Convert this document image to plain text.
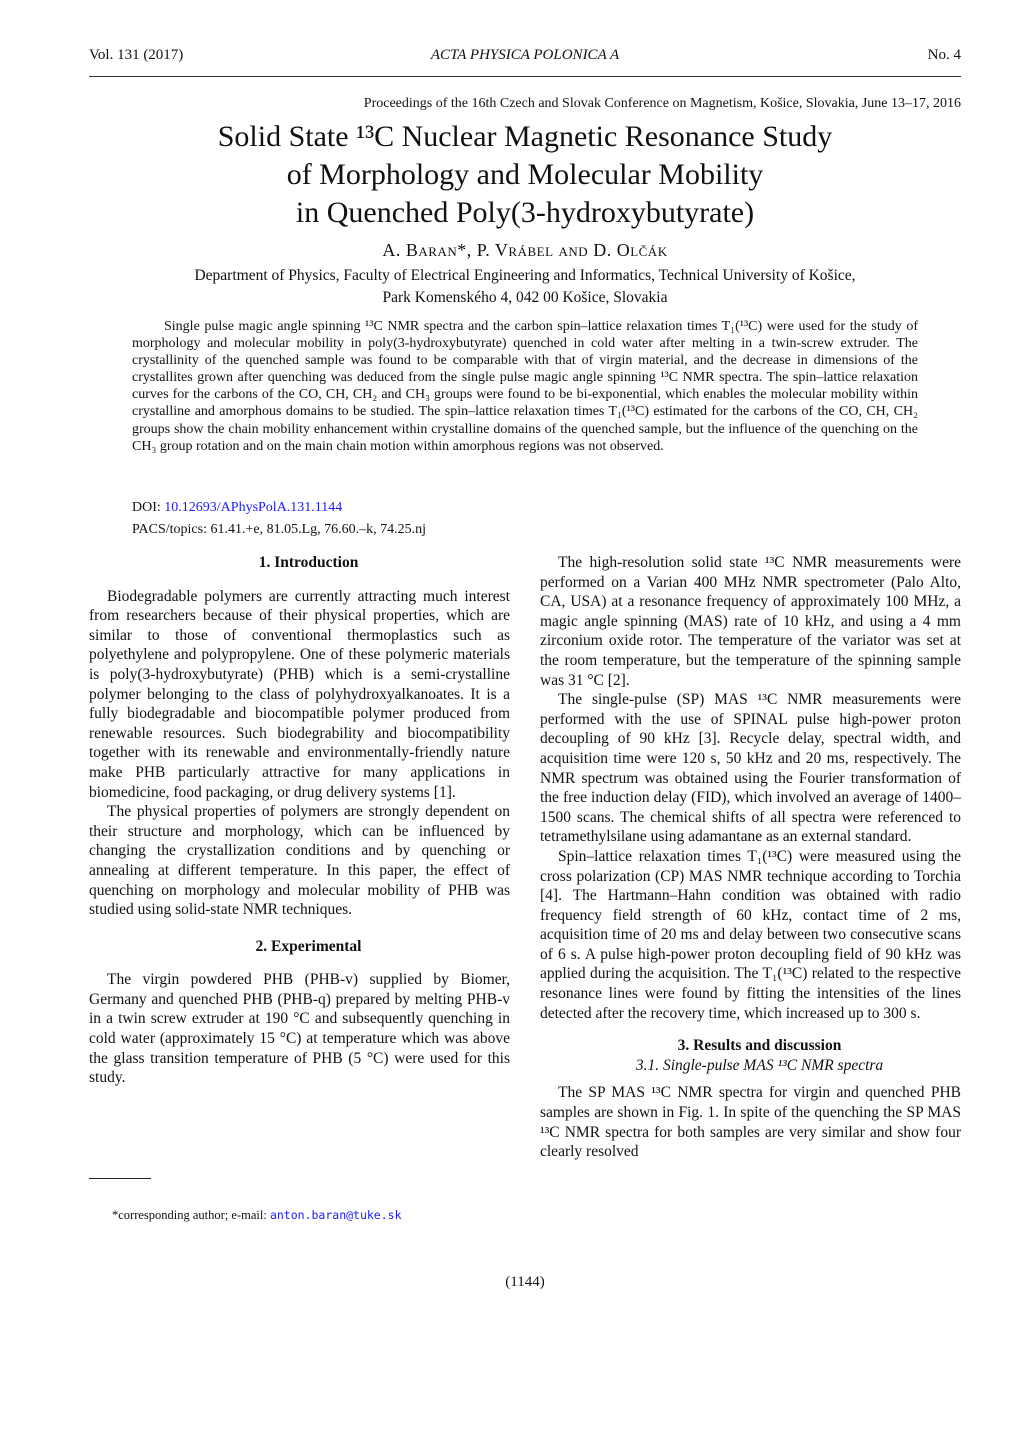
Vol. 131 (2017)	ACTA PHYSICA POLONICA A	No. 4
Proceedings of the 16th Czech and Slovak Conference on Magnetism, Košice, Slovakia, June 13–17, 2016
Solid State ¹³C Nuclear Magnetic Resonance Study
of Morphology and Molecular Mobility
in Quenched Poly(3-hydroxybutyrate)
A. Baran*, P. Vrábel and D. Olčák
Department of Physics, Faculty of Electrical Engineering and Informatics, Technical University of Košice,
Park Komenského 4, 042 00 Košice, Slovakia
Single pulse magic angle spinning ¹³C NMR spectra and the carbon spin–lattice relaxation times T₁(¹³C) were used for the study of morphology and molecular mobility in poly(3-hydroxybutyrate) quenched in cold water after melting in a twin-screw extruder. The crystallinity of the quenched sample was found to be comparable with that of virgin material, and the decrease in dimensions of the crystallites grown after quenching was deduced from the single pulse magic angle spinning ¹³C NMR spectra. The spin–lattice relaxation curves for the carbons of the CO, CH, CH₂ and CH₃ groups were found to be bi-exponential, which enables the molecular mobility within crystalline and amorphous domains to be studied. The spin–lattice relaxation times T₁(¹³C) estimated for the carbons of the CO, CH, CH₂ groups show the chain mobility enhancement within crystalline domains of the quenched sample, but the influence of the quenching on the CH₃ group rotation and on the main chain motion within amorphous regions was not observed.
DOI: 10.12693/APhysPolA.131.1144
PACS/topics: 61.41.+e, 81.05.Lg, 76.60.–k, 74.25.nj

1. Introduction

Biodegradable polymers are currently attracting much interest from researchers because of their physical properties, which are similar to those of conventional thermoplastics such as polyethylene and polypropylene. One of these polymeric materials is poly(3-hydroxybutyrate) (PHB) which is a semi-crystalline polymer belonging to the class of polyhydroxyalkanoates. It is a fully biodegradable and biocompatible polymer produced from renewable resources. Such biodegrability and biocompatibility together with its renewable and environmentally-friendly nature make PHB particularly attractive for many applications in biomedicine, food packaging, or drug delivery systems [1].

The physical properties of polymers are strongly dependent on their structure and morphology, which can be influenced by changing the crystallization conditions and by quenching or annealing at different temperature. In this paper, the effect of quenching on morphology and molecular mobility of PHB was studied using solid-state NMR techniques.

2. Experimental

The virgin powdered PHB (PHB-v) supplied by Biomer, Germany and quenched PHB (PHB-q) prepared by melting PHB-v in a twin screw extruder at 190 °C and subsequently quenching in cold water (approximately 15 °C) at temperature which was above the glass transition temperature of PHB (5 °C) were used for this study.

The high-resolution solid state ¹³C NMR measurements were performed on a Varian 400 MHz NMR spectrometer (Palo Alto, CA, USA) at a resonance frequency of approximately 100 MHz, a magic angle spinning (MAS) rate of 10 kHz, and using a 4 mm zirconium oxide rotor. The temperature of the variator was set at the room temperature, but the temperature of the spinning sample was 31 °C [2].

The single-pulse (SP) MAS ¹³C NMR measurements were performed with the use of SPINAL pulse high-power proton decoupling of 90 kHz [3]. Recycle delay, spectral width, and acquisition time were 120 s, 50 kHz and 20 ms, respectively. The NMR spectrum was obtained using the Fourier transformation of the free induction delay (FID), which involved an average of 1400–1500 scans. The chemical shifts of all spectra were referenced to tetramethylsilane using adamantane as an external standard.

Spin–lattice relaxation times T₁(¹³C) were measured using the cross polarization (CP) MAS NMR technique according to Torchia [4]. The Hartmann–Hahn condition was obtained with radio frequency field strength of 60 kHz, contact time of 2 ms, acquisition time of 20 ms and delay between two consecutive scans of 6 s. A pulse high-power proton decoupling field of 90 kHz was applied during the acquisition. The T₁(¹³C) related to the respective resonance lines were found by fitting the intensities of the lines detected after the recovery time, which increased up to 300 s.

3. Results and discussion

3.1. Single-pulse MAS ¹³C NMR spectra

The SP MAS ¹³C NMR spectra for virgin and quenched PHB samples are shown in Fig. 1. In spite of the quenching the SP MAS ¹³C NMR spectra for both samples are very similar and show four clearly resolved

*corresponding author; e-mail: anton.baran@tuke.sk
(1144)
